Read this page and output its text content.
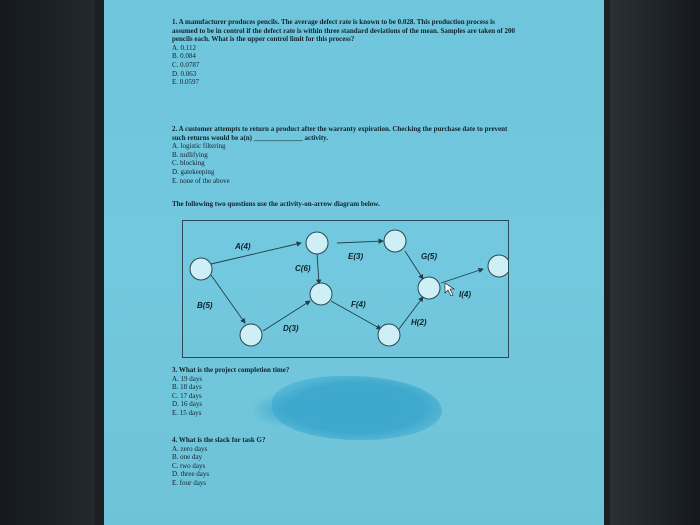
1. A manufacturer produces pencils. The average defect rate is known to be 0.028. This production process is assumed to be in control if the defect rate is within three standard deviations of the mean. Samples are taken of 200 pencils each. What is the upper control limit for this process?
A. 0.112
B. 0.084
C. 0.0787
D. 0.063
E. 0.0597
2. A customer attempts to return a product after the warranty expiration. Checking the purchase date to prevent such returns would be a(n) ______________ activity.
A. logistic filtering
B. nullifying
C. blocking
D. gatekeeping
E. none of the above
The following two questions use the activity-on-arrow diagram below.
A(4)
B(5)
C(6)
D(3)
E(3)
F(4)
G(5)
H(2)
I(4)
3. What is the project completion time?
A. 19 days
B. 18 days
C. 17 days
D. 16 days
E. 15 days
4. What is the slack for task G?
A. zero days
B. one day
C. two days
D. three days
E. four days
